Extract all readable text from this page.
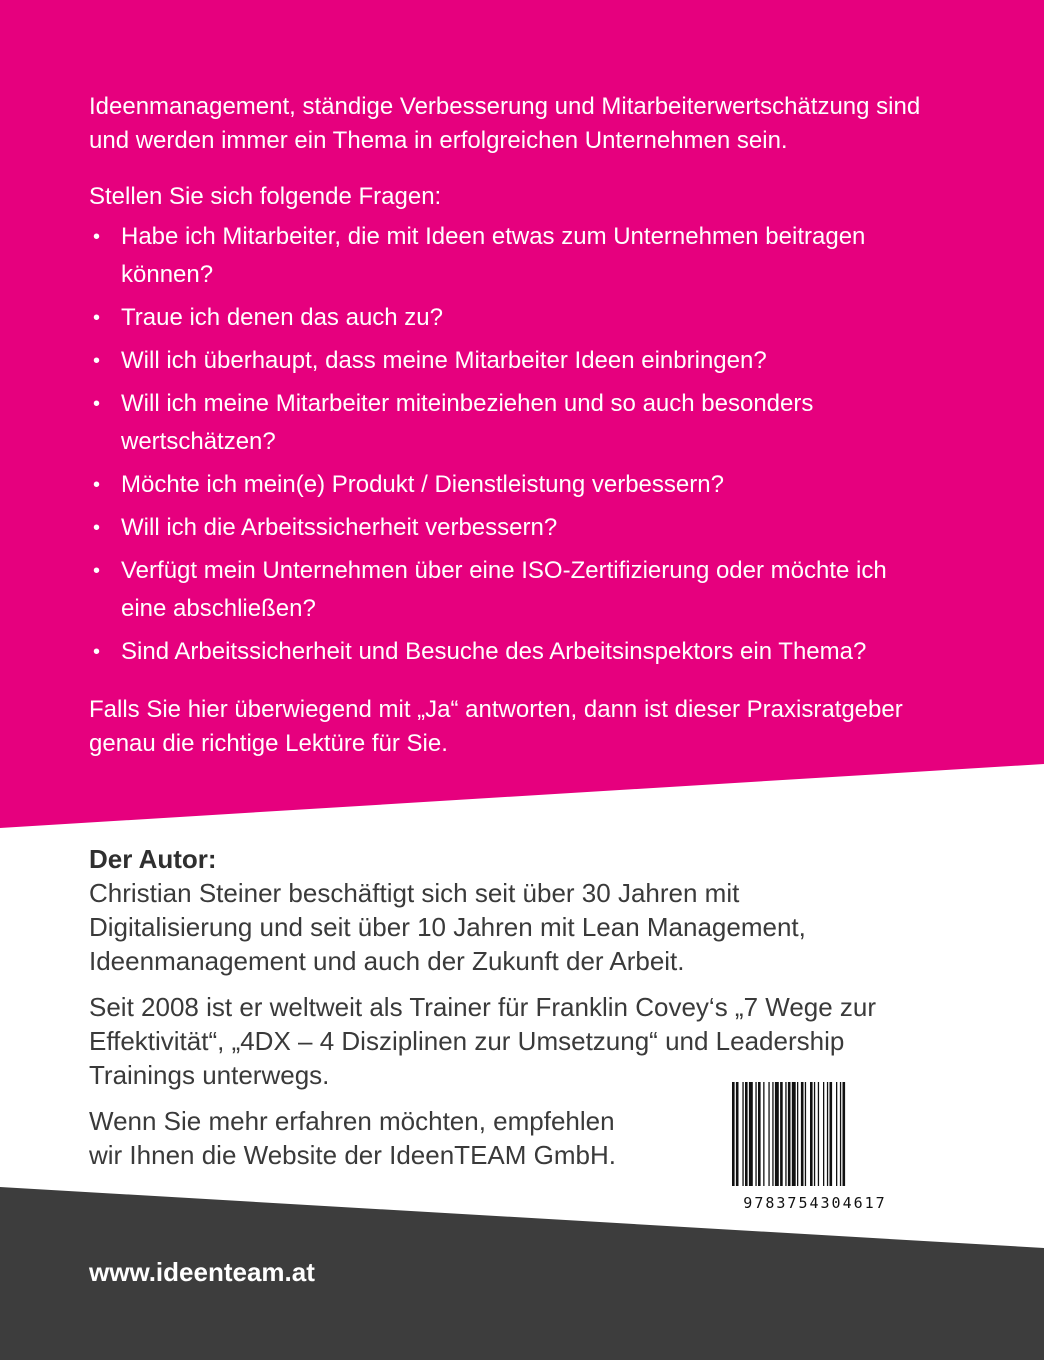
Ideenmanagement, ständige Verbesserung und Mitarbeiterwertschätzung sind und werden immer ein Thema in erfolgreichen Unternehmen sein.

Stellen Sie sich folgende Fragen:

• Habe ich Mitarbeiter, die mit Ideen etwas zum Unternehmen beitragen können?
• Traue ich denen das auch zu?
• Will ich überhaupt, dass meine Mitarbeiter Ideen einbringen?
• Will ich meine Mitarbeiter miteinbeziehen und so auch besonders wertschätzen?
• Möchte ich mein(e) Produkt / Dienstleistung verbessern?
• Will ich die Arbeitssicherheit verbessern?
• Verfügt mein Unternehmen über eine ISO-Zertifizierung oder möchte ich eine abschließen?
• Sind Arbeitssicherheit und Besuche des Arbeitsinspektors ein Thema?

Falls Sie hier überwiegend mit „Ja“ antworten, dann ist dieser Praxisratgeber genau die richtige Lektüre für Sie.

Der Autor:

Christian Steiner beschäftigt sich seit über 30 Jahren mit Digitalisierung und seit über 10 Jahren mit Lean Management, Ideenmanagement und auch der Zukunft der Arbeit.

Seit 2008 ist er weltweit als Trainer für Franklin Covey‘s „7 Wege zur Effektivität“, „4DX – 4 Disziplinen zur Umsetzung“ und Leadership Trainings unterwegs.

Wenn Sie mehr erfahren möchten, empfehlen wir Ihnen die Website der IdeenTEAM GmbH.

9783754304617
www.ideenteam.at
